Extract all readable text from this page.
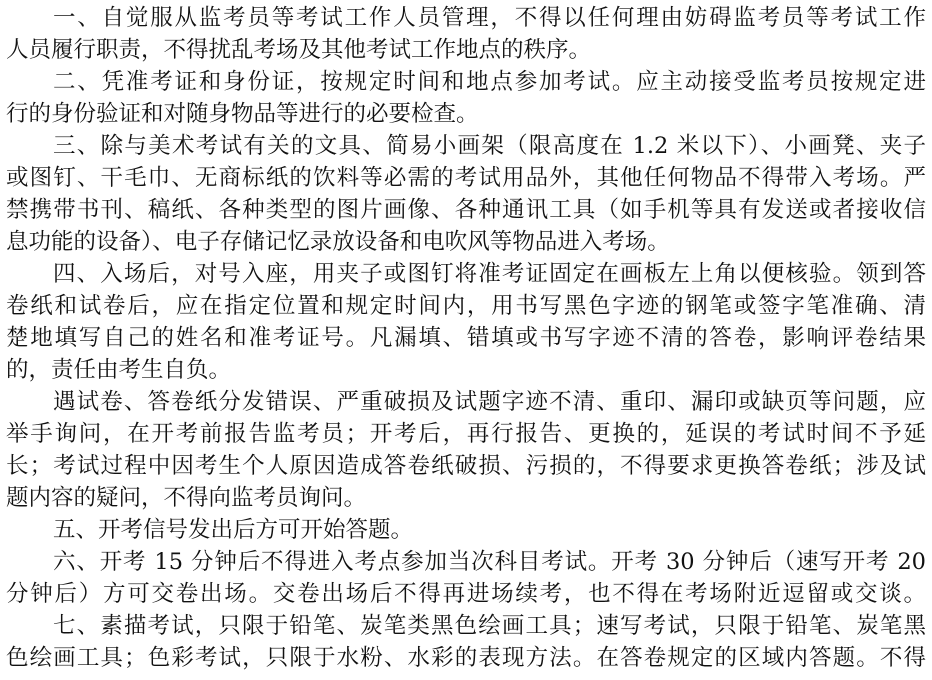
一、自觉服从监考员等考试工作人员管理，不得以任何理由妨碍监考员等考试工作
人员履行职责，不得扰乱考场及其他考试工作地点的秩序。
二、凭准考证和身份证，按规定时间和地点参加考试。应主动接受监考员按规定进
行的身份验证和对随身物品等进行的必要检查。
三、除与美术考试有关的文具、简易小画架（限高度在 1.2 米以下）、小画凳、夹子
或图钉、干毛巾、无商标纸的饮料等必需的考试用品外，其他任何物品不得带入考场。严
禁携带书刊、稿纸、各种类型的图片画像、各种通讯工具（如手机等具有发送或者接收信
息功能的设备）、电子存储记忆录放设备和电吹风等物品进入考场。
四、入场后，对号入座，用夹子或图钉将准考证固定在画板左上角以便核验。领到答
卷纸和试卷后，应在指定位置和规定时间内，用书写黑色字迹的钢笔或签字笔准确、清
楚地填写自己的姓名和准考证号。凡漏填、错填或书写字迹不清的答卷，影响评卷结果
的，责任由考生自负。
遇试卷、答卷纸分发错误、严重破损及试题字迹不清、重印、漏印或缺页等问题，应
举手询问，在开考前报告监考员；开考后，再行报告、更换的，延误的考试时间不予延
长；考试过程中因考生个人原因造成答卷纸破损、污损的，不得要求更换答卷纸；涉及试
题内容的疑问，不得向监考员询问。
五、开考信号发出后方可开始答题。
六、开考 15 分钟后不得进入考点参加当次科目考试。开考 30 分钟后（速写开考 20
分钟后）方可交卷出场。交卷出场后不得再进场续考，也不得在考场附近逗留或交谈。
七、素描考试，只限于铅笔、炭笔类黑色绘画工具；速写考试，只限于铅笔、炭笔黑
色绘画工具；色彩考试，只限于水粉、水彩的表现方法。在答卷规定的区域内答题。不得
